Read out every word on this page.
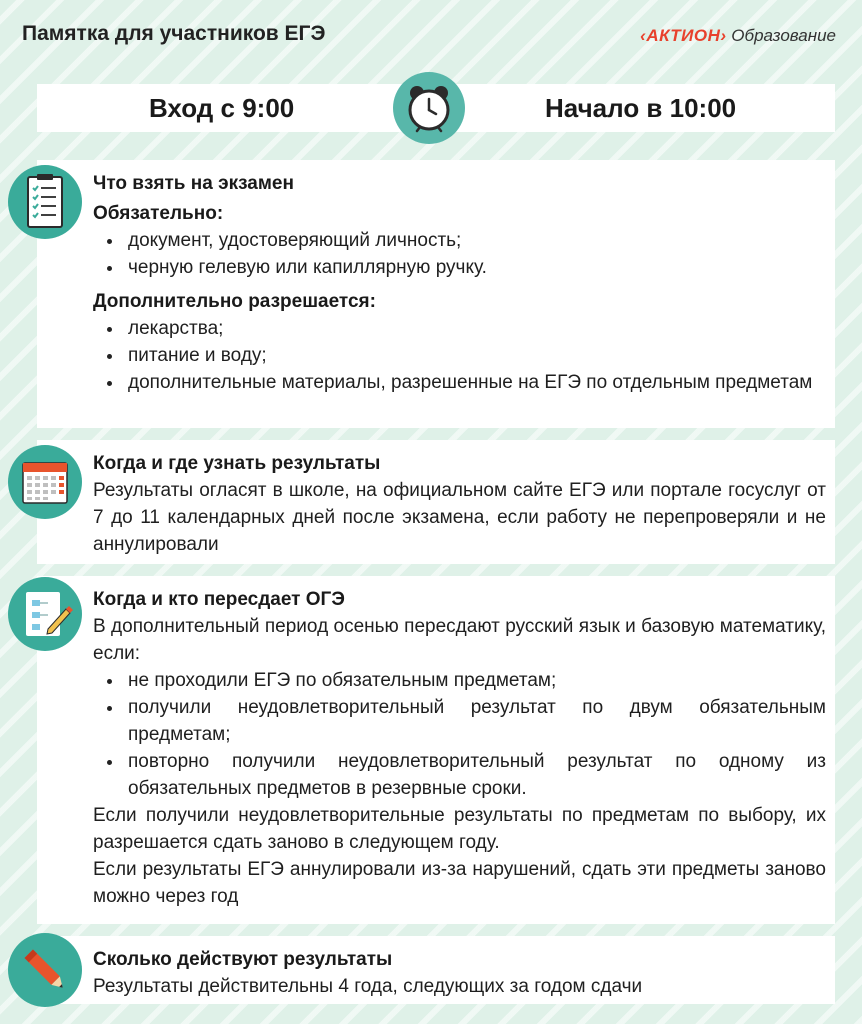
Памятка для участников ЕГЭ	‹АКТИОН› Образование
Вход с 9:00	Начало в 10:00
Что взять на экзамен
Обязательно:
документ, удостоверяющий личность;
черную гелевую или капиллярную ручку.
Дополнительно разрешается:
лекарства;
питание и воду;
дополнительные материалы, разрешенные на ЕГЭ по отдельным предметам
Когда и где узнать результаты
Результаты огласят в школе, на официальном сайте ЕГЭ или портале госуслуг от 7 до 11 календарных дней после экзамена, если работу не перепроверяли и не аннулировали
Когда и кто пересдает ОГЭ
В дополнительный период осенью пересдают русский язык и базовую математику, если:
не проходили ЕГЭ по обязательным предметам;
получили неудовлетворительный результат по двум обязательным предметам;
повторно получили неудовлетворительный результат по одному из обязательных предметов в резервные сроки.
Если получили неудовлетворительные результаты по предметам по выбору, их разрешается сдать заново в следующем году.
Если результаты ЕГЭ аннулировали из-за нарушений, сдать эти предметы заново можно через год
Сколько действуют результаты
Результаты действительны 4 года, следующих за годом сдачи
